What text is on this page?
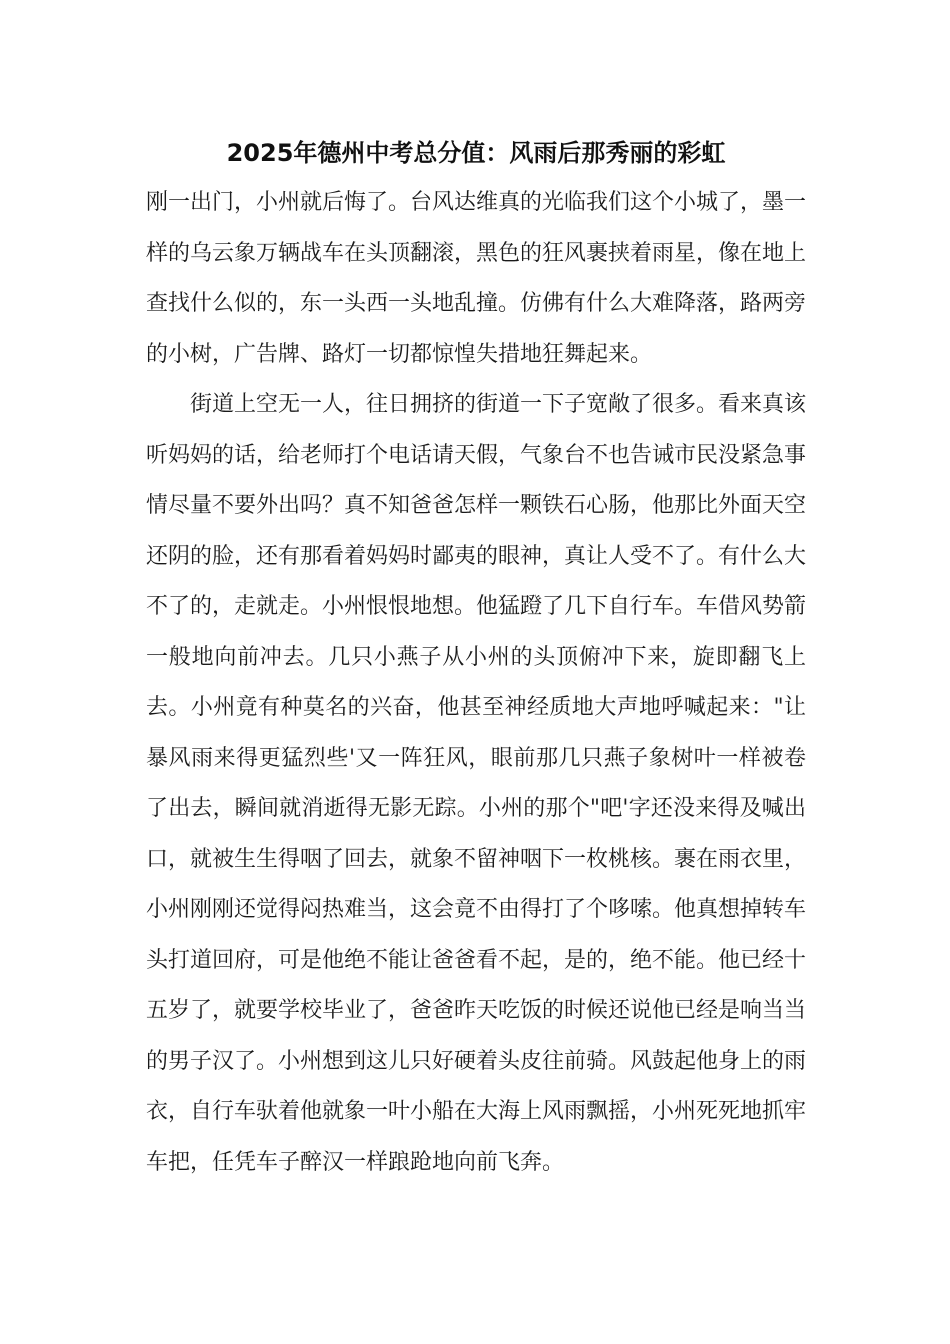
2025年德州中考总分值：风雨后那秀丽的彩虹

刚一出门，小州就后悔了。台风达维真的光临我们这个小城了，墨一样的乌云象万辆战车在头顶翻滚，黑色的狂风裹挟着雨星，像在地上查找什么似的，东一头西一头地乱撞。仿佛有什么大难降落，路两旁的小树，广告牌、路灯一切都惊惶失措地狂舞起来。

街道上空无一人，往日拥挤的街道一下子宽敞了很多。看来真该听妈妈的话，给老师打个电话请天假，气象台不也告诫市民没紧急事情尽量不要外出吗？真不知爸爸怎样一颗铁石心肠，他那比外面天空还阴的脸，还有那看着妈妈时鄙夷的眼神，真让人受不了。有什么大不了的，走就走。小州恨恨地想。他猛蹬了几下自行车。车借风势箭一般地向前冲去。几只小燕子从小州的头顶俯冲下来，旋即翻飞上去。小州竟有种莫名的兴奋，他甚至神经质地大声地呼喊起来："让暴风雨来得更猛烈些'又一阵狂风，眼前那几只燕子象树叶一样被卷了出去，瞬间就消逝得无影无踪。小州的那个"吧'字还没来得及喊出口，就被生生得咽了回去，就象不留神咽下一枚桃核。裹在雨衣里，小州刚刚还觉得闷热难当，这会竟不由得打了个哆嗦。他真想掉转车头打道回府，可是他绝不能让爸爸看不起，是的，绝不能。他已经十五岁了，就要学校毕业了，爸爸昨天吃饭的时候还说他已经是响当当的男子汉了。小州想到这儿只好硬着头皮往前骑。风鼓起他身上的雨衣，自行车驮着他就象一叶小船在大海上风雨飘摇，小州死死地抓牢车把，任凭车子醉汉一样踉跄地向前飞奔。
